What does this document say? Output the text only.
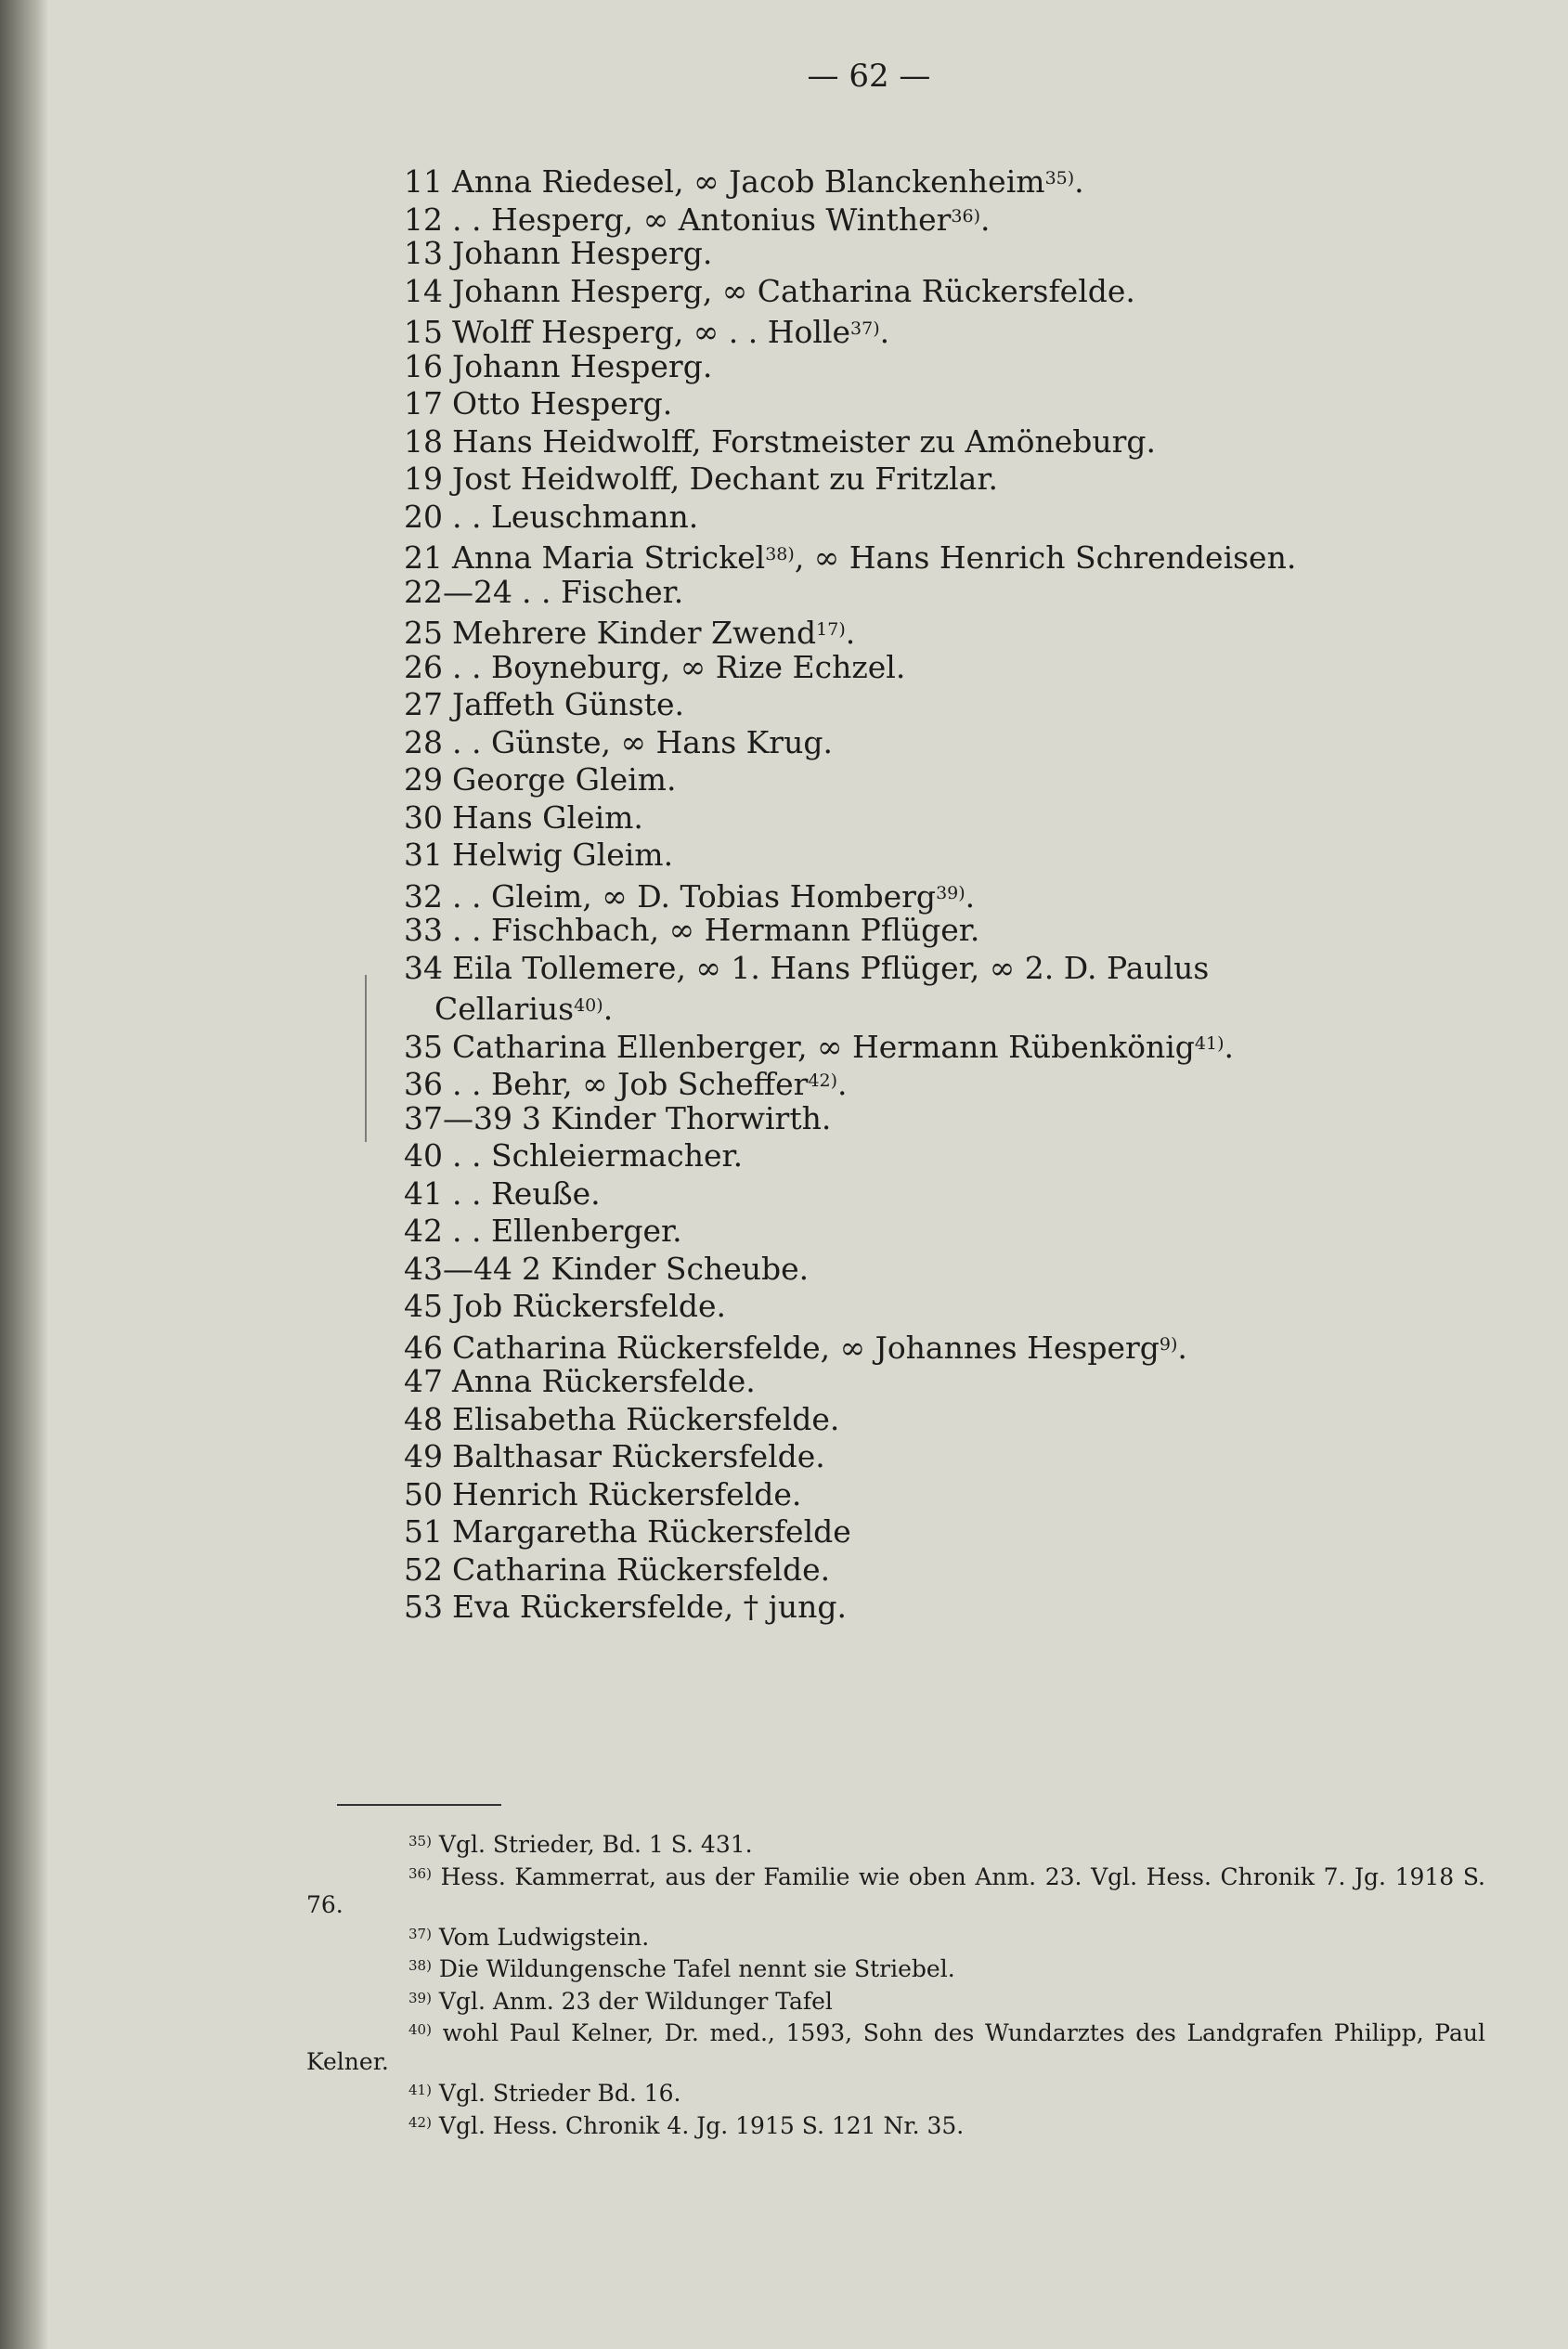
— 62 —
11 Anna Riedesel, ∞ Jacob Blanckenheim$^{35)}$.
12 . . Hesperg, ∞ Antonius Winther$^{36)}$.
13 Johann Hesperg.
14 Johann Hesperg, ∞ Catharina Rückersfelde.
15 Wolff Hesperg, ∞ . . Holle$^{37)}$.
16 Johann Hesperg.
17 Otto Hesperg.
18 Hans Heidwolff, Forstmeister zu Amöneburg.
19 Jost Heidwolff, Dechant zu Fritzlar.
20 . . Leuschmann.
21 Anna Maria Strickel$^{38)}$, ∞ Hans Henrich Schrendeisen.
22—24 . . Fischer.
25 Mehrere Kinder Zwend$^{17)}$.
26 . . Boyneburg, ∞ Rize Echzel.
27 Jaffeth Günste.
28 . . Günste, ∞ Hans Krug.
29 George Gleim.
30 Hans Gleim.
31 Helwig Gleim.
32 . . Gleim, ∞ D. Tobias Homberg$^{39)}$.
33 . . Fischbach, ∞ Hermann Pflüger.
34 Eila Tollemere, ∞ 1. Hans Pflüger, ∞ 2. D. Paulus
Cellarius$^{40)}$.
35 Catharina Ellenberger, ∞ Hermann Rübenkönig$^{41)}$.
36 . . Behr, ∞ Job Scheffer$^{42)}$.
37—39 3 Kinder Thorwirth.
40 . . Schleiermacher.
41 . . Reuße.
42 . . Ellenberger.
43—44 2 Kinder Scheube.
45 Job Rückersfelde.
46 Catharina Rückersfelde, ∞ Johannes Hesperg$^{9)}$.
47 Anna Rückersfelde.
48 Elisabetha Rückersfelde.
49 Balthasar Rückersfelde.
50 Henrich Rückersfelde.
51 Margaretha Rückersfelde
52 Catharina Rückersfelde.
53 Eva Rückersfelde, † jung.
$^{35)}$ Vgl. Strieder, Bd. 1 S. 431.
$^{36)}$ Hess. Kammerrat, aus der Familie wie oben Anm. 23. Vgl. Hess. Chronik 7. Jg. 1918 S. 76.
$^{37)}$ Vom Ludwigstein.
$^{38)}$ Die Wildungensche Tafel nennt sie Striebel.
$^{39)}$ Vgl. Anm. 23 der Wildunger Tafel
$^{40)}$ wohl Paul Kelner, Dr. med., 1593, Sohn des Wundarztes des Landgrafen Philipp, Paul Kelner.
$^{41)}$ Vgl. Strieder Bd. 16.
$^{42)}$ Vgl. Hess. Chronik 4. Jg. 1915 S. 121 Nr. 35.
